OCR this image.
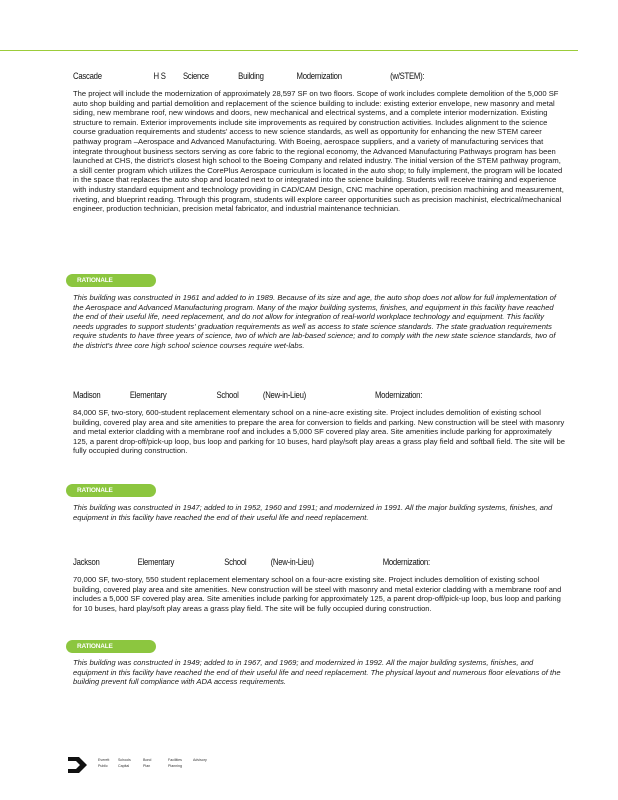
Cascade	H S Science	Building	Modernization	(w/STEM):
The project will include the modernization of approximately 28,597 SF on two floors. Scope of work includes complete demolition of the 5,000 SF auto shop building and partial demolition and replacement of the science building to include: existing exterior envelope, new masonry and metal siding, new membrane roof, new windows and doors, new mechanical and electrical systems, and a complete interior modernization. Existing structure to remain. Exterior improvements include site improvements as required by construction activities. Includes alignment to the science course graduation requirements and students' access to new science standards, as well as opportunity for enhancing the new STEM career pathway program –Aerospace and Advanced Manufacturing. With Boeing, aerospace suppliers, and a variety of manufacturing services that integrate throughout business sectors serving as core fabric to the regional economy, the Advanced Manufacturing Pathways program has been launched at CHS, the district's closest high school to the Boeing Company and related industry. The initial version of the STEM pathway program, a skill center program which utilizes the CorePlus Aerospace curriculum is located in the auto shop; to fully implement, the program will be located in the space that replaces the auto shop and located next to or integrated into the science building. Students will receive training and experience with industry standard equipment and technology providing in CAD/CAM Design, CNC machine operation, precision machining and measurement, riveting, and blueprint reading. Through this program, students will explore career opportunities such as precision machinist, electrical/mechanical engineer, production technician, precision metal fabricator, and industrial maintenance technician.
RATIONALE
This building was constructed in 1961 and added to in 1989. Because of its size and age, the auto shop does not allow for full implementation of the Aerospace and Advanced Manufacturing program. Many of the major building systems, finishes, and equipment in this facility have reached the end of their useful life, need replacement, and do not allow for integration of real-world workplace technology and equipment. This facility needs upgrades to support students' graduation requirements as well as access to state science standards. The state graduation requirements require students to have three years of science, two of which are lab-based science; and to comply with the new state science standards, two of the district's three core high school science courses require wet-labs.
Madison	Elementary	School	(New-in-Lieu)	Modernization:
84,000 SF, two-story, 600-student replacement elementary school on a nine-acre existing site. Project includes demolition of existing school building, covered play area and site amenities to prepare the area for conversion to fields and parking. New construction will be steel with masonry and metal exterior cladding with a membrane roof and includes a 5,000 SF covered play area. Site amenities include parking for approximately 125, a parent drop-off/pick-up loop, bus loop and parking for 10 buses, hard play/soft play areas a grass play field and softball field. The site will be fully occupied during construction.
RATIONALE
This building was constructed in 1947; added to in 1952, 1960 and 1991; and modernized in 1991. All the major building systems, finishes, and equipment in this facility have reached the end of their useful life and need replacement.
Jackson	Elementary	School	(New-in-Lieu)	Modernization:
70,000 SF, two-story, 550 student replacement elementary school on a four-acre existing site. Project includes demolition of existing school building, covered play area and site amenities. New construction will be steel with masonry and metal exterior cladding with a membrane roof and includes a 5,000 SF covered play area. Site amenities include parking for approximately 125, a parent drop-off/pick-up loop, bus loop and parking for 10 buses, hard play/soft play areas a grass play field. The site will be fully occupied during construction.
RATIONALE
This building was constructed in 1949; added to in 1967, and 1969; and modernized in 1992. All the major building systems, finishes, and equipment in this facility have reached the end of their useful life and need replacement. The physical layout and numerous floor elevations of the building prevent full compliance with ADA access requirements.
Everett
Public
Schools
Capital
Bond
Plan
Facilities
Planning
Advisory
